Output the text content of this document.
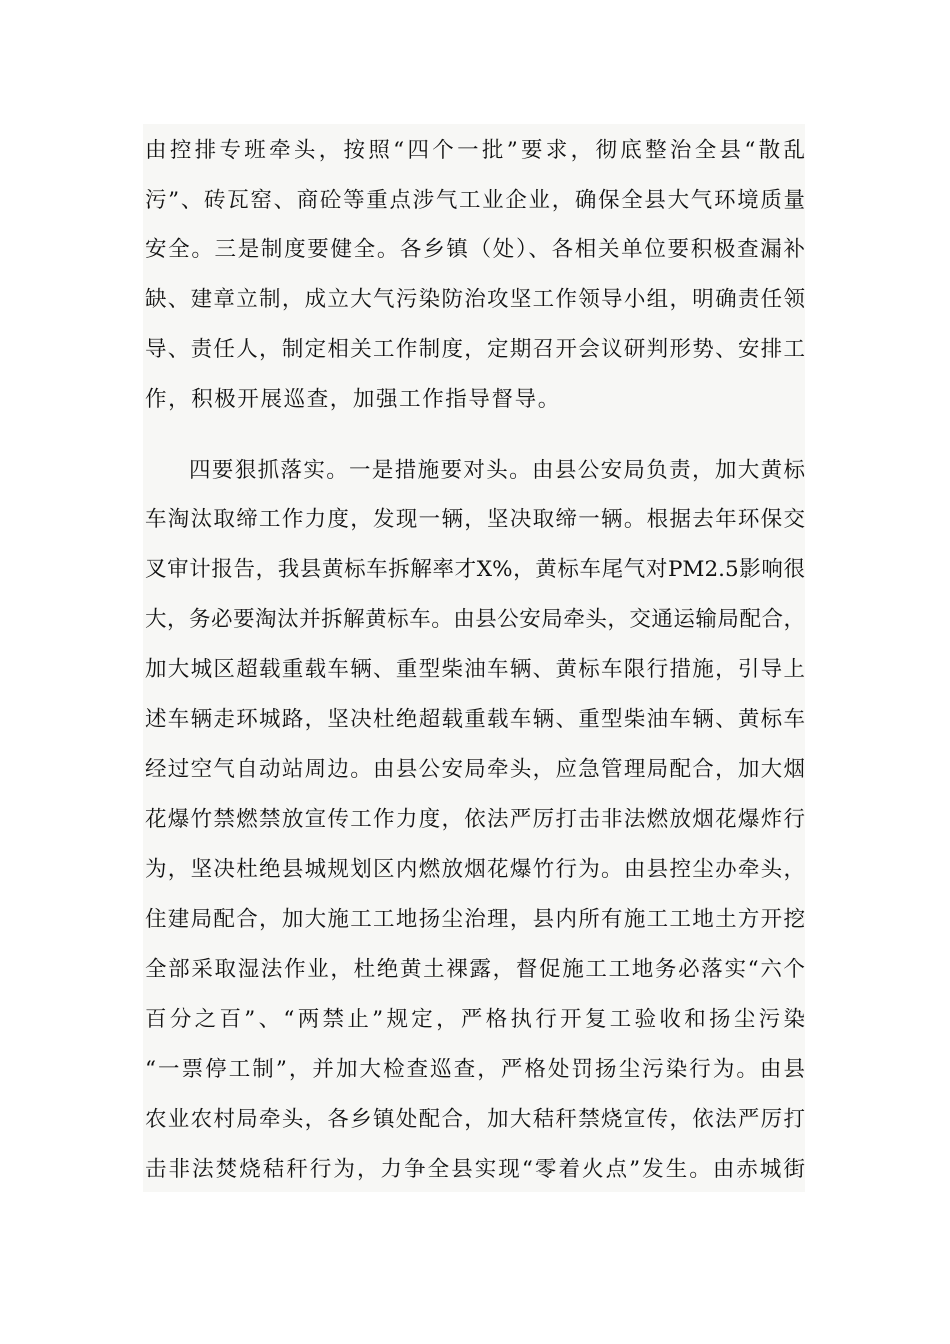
由控排专班牵头，按照“四个一批”要求，彻底整治全县“散乱
污”、砖瓦窑、商砼等重点涉气工业企业，确保全县大气环境质量
安全。三是制度要健全。各乡镇（处）、各相关单位要积极查漏补
缺、建章立制，成立大气污染防治攻坚工作领导小组，明确责任领
导、责任人，制定相关工作制度，定期召开会议研判形势、安排工
作，积极开展巡查，加强工作指导督导。
四要狠抓落实。一是措施要对头。由县公安局负责，加大黄标
车淘汰取缔工作力度，发现一辆，坚决取缔一辆。根据去年环保交
叉审计报告，我县黄标车拆解率才X%，黄标车尾气对PM2.5影响很
大，务必要淘汰并拆解黄标车。由县公安局牵头，交通运输局配合，
加大城区超载重载车辆、重型柴油车辆、黄标车限行措施，引导上
述车辆走环城路，坚决杜绝超载重载车辆、重型柴油车辆、黄标车
经过空气自动站周边。由县公安局牵头，应急管理局配合，加大烟
花爆竹禁燃禁放宣传工作力度，依法严厉打击非法燃放烟花爆炸行
为，坚决杜绝县城规划区内燃放烟花爆竹行为。由县控尘办牵头，
住建局配合，加大施工工地扬尘治理，县内所有施工工地土方开挖
全部采取湿法作业，杜绝黄土裸露，督促施工工地务必落实“六个
百分之百”、“两禁止”规定，严格执行开复工验收和扬尘污染
“一票停工制”，并加大检查巡查，严格处罚扬尘污染行为。由县
农业农村局牵头，各乡镇处配合，加大秸秆禁烧宣传，依法严厉打
击非法焚烧秸秆行为，力争全县实现“零着火点”发生。由赤城街
